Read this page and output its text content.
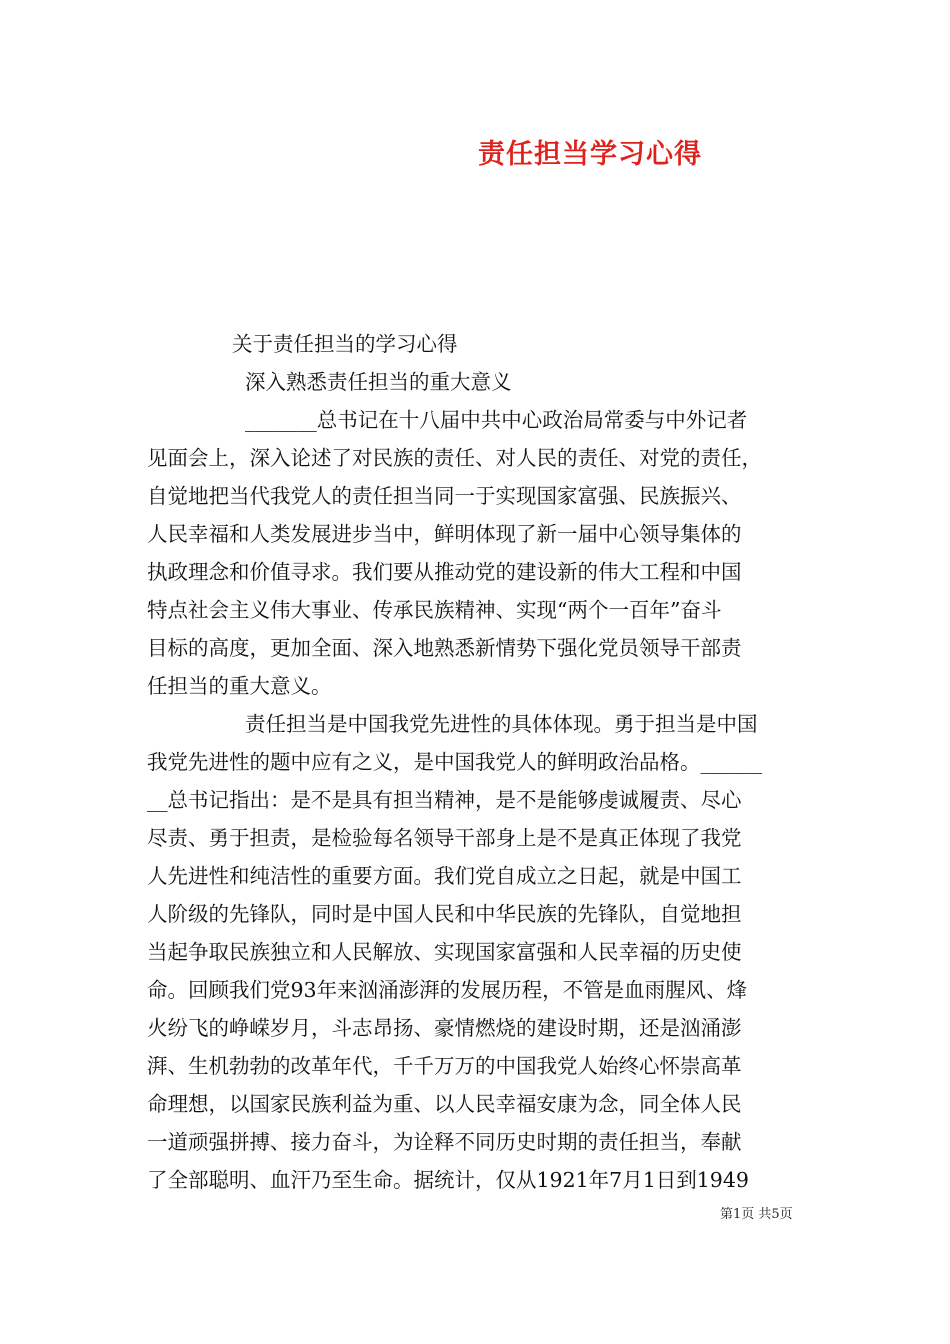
责任担当学习心得
关于责任担当的学习心得
深入熟悉责任担当的重大意义
_______总书记在十八届中共中心政治局常委与中外记者
见面会上，深入论述了对民族的责任、对人民的责任、对党的责任，
自觉地把当代我党人的责任担当同一于实现国家富强、民族振兴、
人民幸福和人类发展进步当中，鲜明体现了新一届中心领导集体的
执政理念和价值寻求。我们要从推动党的建设新的伟大工程和中国
特点社会主义伟大事业、传承民族精神、实现“两个一百年”奋斗
目标的高度，更加全面、深入地熟悉新情势下强化党员领导干部责
任担当的重大意义。
责任担当是中国我党先进性的具体体现。勇于担当是中国
我党先进性的题中应有之义，是中国我党人的鲜明政治品格。______
__总书记指出：是不是具有担当精神，是不是能够虔诚履责、尽心
尽责、勇于担责，是检验每名领导干部身上是不是真正体现了我党
人先进性和纯洁性的重要方面。我们党自成立之日起，就是中国工
人阶级的先锋队，同时是中国人民和中华民族的先锋队，自觉地担
当起争取民族独立和人民解放、实现国家富强和人民幸福的历史使
命。回顾我们党93年来汹涌澎湃的发展历程，不管是血雨腥风、烽
火纷飞的峥嵘岁月，斗志昂扬、豪情燃烧的建设时期，还是汹涌澎
湃、生机勃勃的改革年代，千千万万的中国我党人始终心怀崇高革
命理想，以国家民族利益为重、以人民幸福安康为念，同全体人民
一道顽强拼搏、接力奋斗，为诠释不同历史时期的责任担当，奉献
了全部聪明、血汗乃至生命。据统计，仅从1921年7月1日到1949
第1页 共5页
